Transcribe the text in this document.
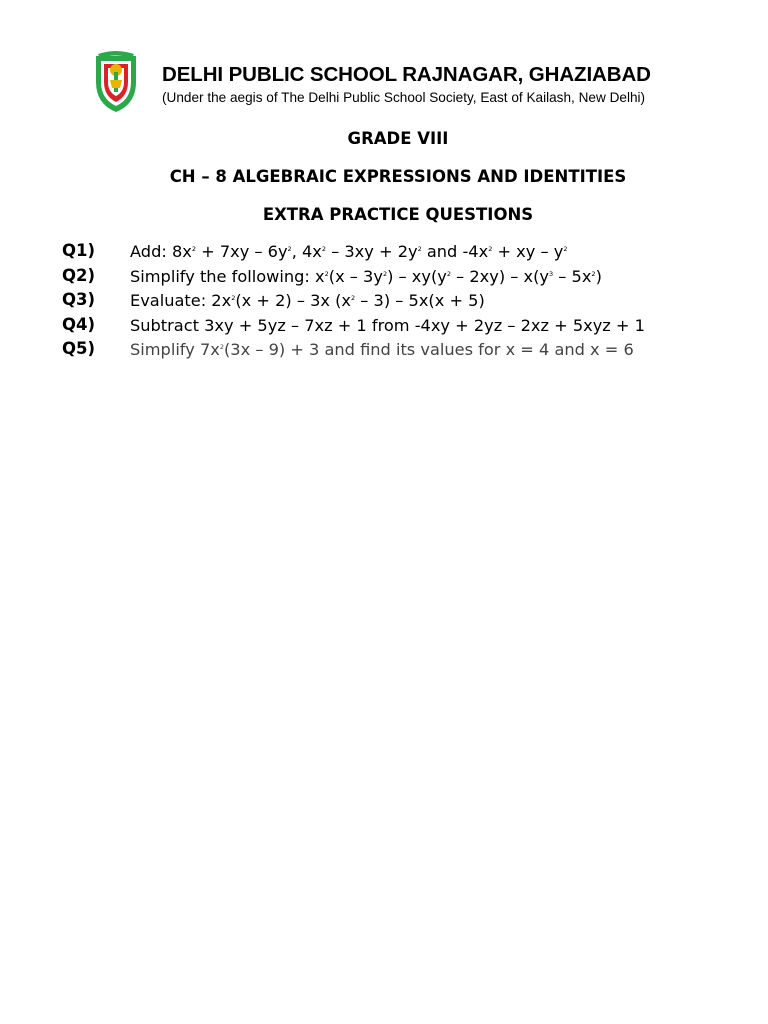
DELHI PUBLIC SCHOOL RAJNAGAR, GHAZIABAD
(Under the aegis of The Delhi Public School Society, East of Kailash, New Delhi)
GRADE VIII
CH – 8 ALGEBRAIC EXPRESSIONS AND IDENTITIES
EXTRA PRACTICE QUESTIONS
Q1) Add: $8x^2 + 7xy - 6y^2$, $4x^2 - 3xy + 2y^2$ and $-4x^2$ + xy – $y^2$
Q2) Simplify the following: $x^2(x - 3y^2) - xy(y^2 - 2xy) - x(y^3 - 5x^2)$
Q3) Evaluate: $2x^2(x + 2) - 3x$ $(x^2 - 3) - 5x(x + 5)$
Q4) Subtract 3xy + 5yz – 7xz + 1 from -4xy + 2yz – 2xz + 5xyz + 1
Q5) Simplify $7x^2(3x - 9) + 3$ and find its values for x = 4 and x = 6
